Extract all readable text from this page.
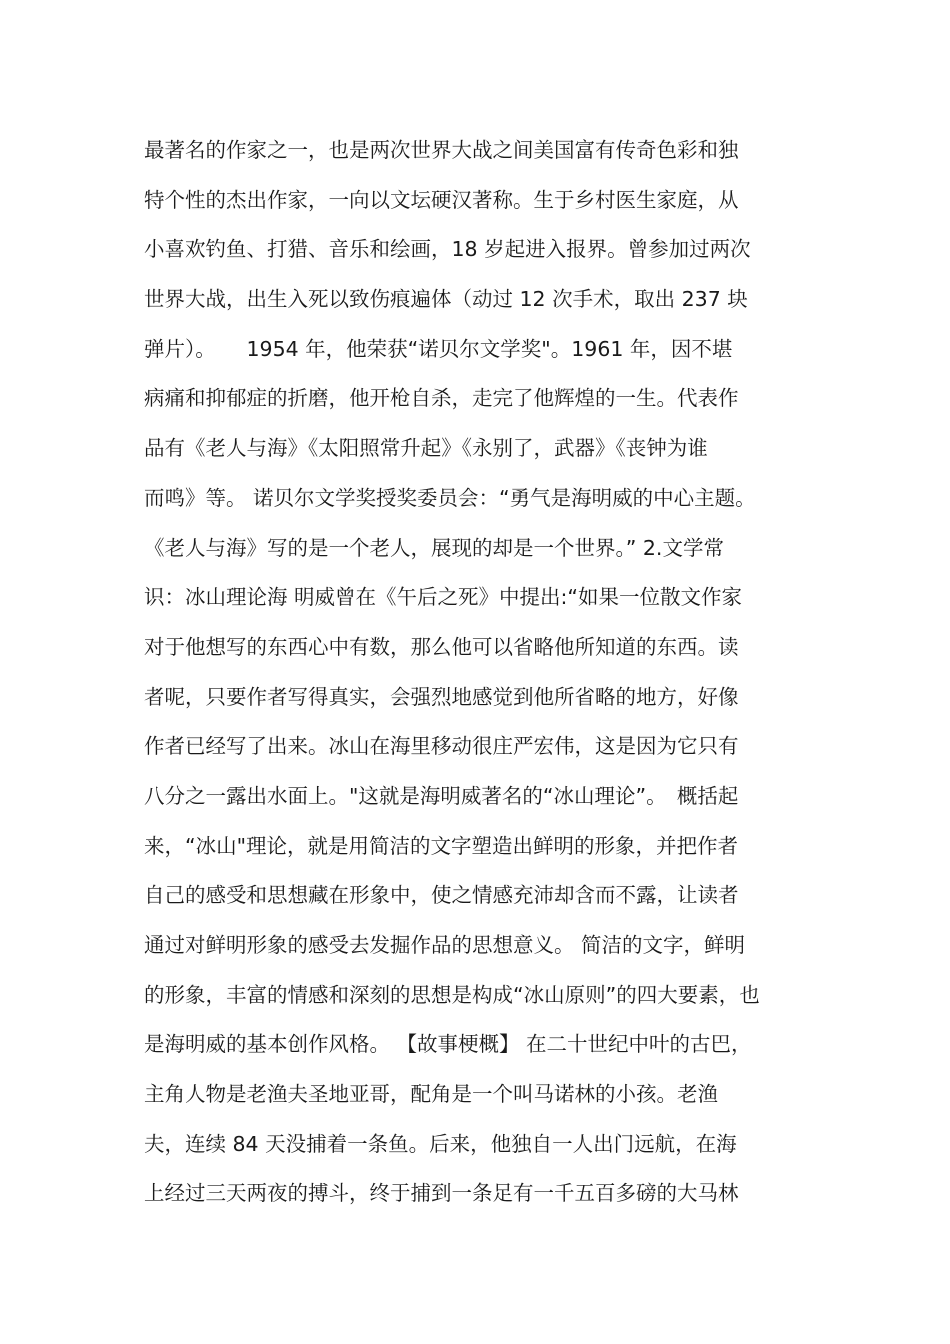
最著名的作家之一，也是两次世界大战之间美国富有传奇色彩和独
特个性的杰出作家，一向以文坛硬汉著称。生于乡村医生家庭，从
小喜欢钓鱼、打猎、音乐和绘画，18 岁起进入报界。曾参加过两次
世界大战，出生入死以致伤痕遍体（动过 12 次手术，取出 237 块
弹片）。　　1954 年，他荣获“诺贝尔文学奖"。1961 年，因不堪
病痛和抑郁症的折磨，他开枪自杀，走完了他辉煌的一生。代表作
品有《老人与海》《太阳照常升起》《永别了，武器》《丧钟为谁
而鸣》等。 诺贝尔文学奖授奖委员会：“勇气是海明威的中心主题。
《老人与海》写的是一个老人，展现的却是一个世界。” 2.文学常
识：冰山理论海 明威曾在《午后之死》中提出:“如果一位散文作家
对于他想写的东西心中有数，那么他可以省略他所知道的东西。读
者呢，只要作者写得真实，会强烈地感觉到他所省略的地方，好像
作者已经写了出来。冰山在海里移动很庄严宏伟，这是因为它只有
八分之一露出水面上。"这就是海明威著名的“冰山理论”。　概括起
来，“冰山"理论，就是用简洁的文字塑造出鲜明的形象，并把作者
自己的感受和思想藏在形象中，使之情感充沛却含而不露，让读者
通过对鲜明形象的感受去发掘作品的思想意义。 简洁的文字，鲜明
的形象，丰富的情感和深刻的思想是构成“冰山原则”的四大要素，也
是海明威的基本创作风格。 【故事梗概】 在二十世纪中叶的古巴，
主角人物是老渔夫圣地亚哥，配角是一个叫马诺林的小孩。老渔
夫，连续 84 天没捕着一条鱼。后来，他独自一人出门远航，在海
上经过三天两夜的搏斗，终于捕到一条足有一千五百多磅的大马林
